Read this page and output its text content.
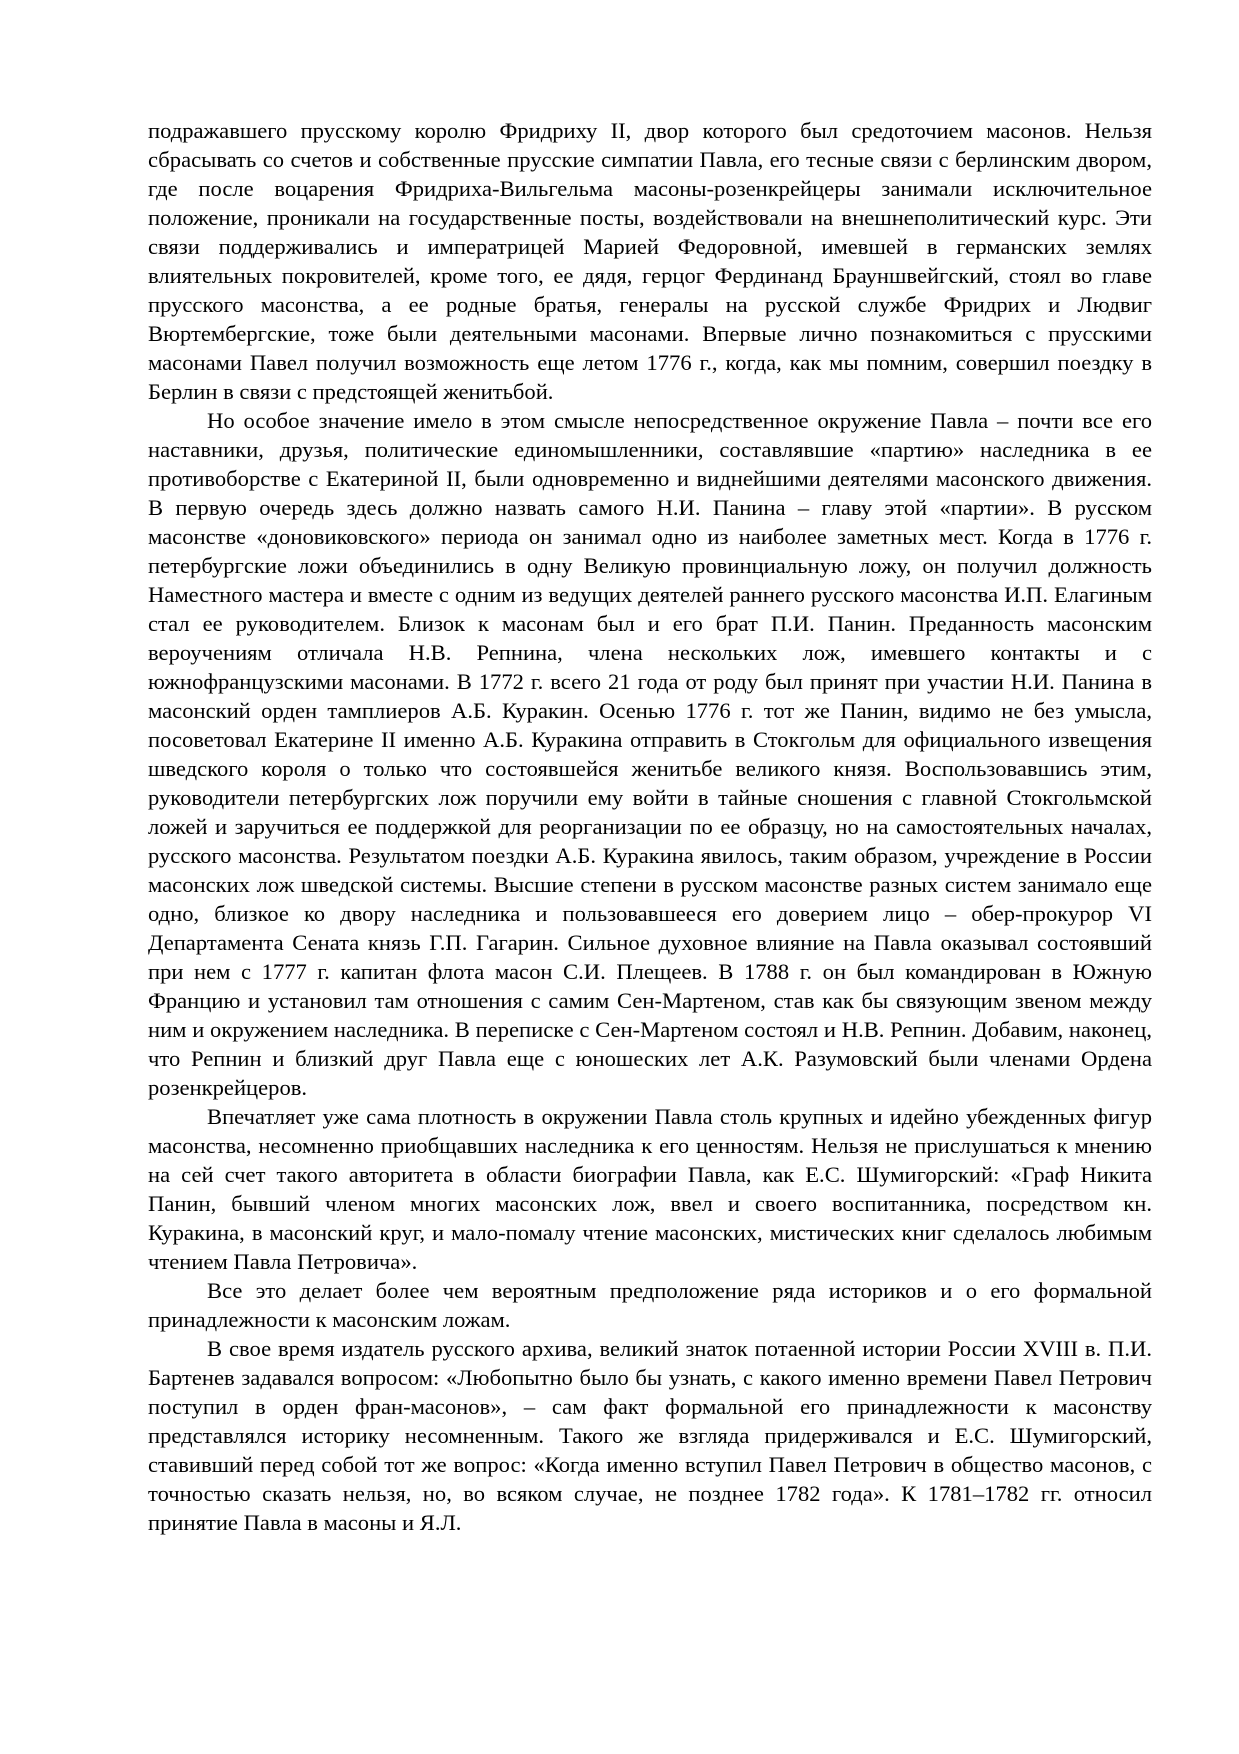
подражавшего прусскому королю Фридриху II, двор которого был средоточием масонов. Нельзя сбрасывать со счетов и собственные прусские симпатии Павла, его тесные связи с берлинским двором, где после воцарения Фридриха-Вильгельма масоны-розенкрейцеры занимали исключительное положение, проникали на государственные посты, воздействовали на внешнеполитический курс. Эти связи поддерживались и императрицей Марией Федоровной, имевшей в германских землях влиятельных покровителей, кроме того, ее дядя, герцог Фердинанд Брауншвейгский, стоял во главе прусского масонства, а ее родные братья, генералы на русской службе Фридрих и Людвиг Вюртембергские, тоже были деятельными масонами. Впервые лично познакомиться с прусскими масонами Павел получил возможность еще летом 1776 г., когда, как мы помним, совершил поездку в Берлин в связи с предстоящей женитьбой.

Но особое значение имело в этом смысле непосредственное окружение Павла – почти все его наставники, друзья, политические единомышленники, составлявшие «партию» наследника в ее противоборстве с Екатериной II, были одновременно и виднейшими деятелями масонского движения. В первую очередь здесь должно назвать самого Н.И. Панина – главу этой «партии». В русском масонстве «доновиковского» периода он занимал одно из наиболее заметных мест. Когда в 1776 г. петербургские ложи объединились в одну Великую провинциальную ложу, он получил должность Наместного мастера и вместе с одним из ведущих деятелей раннего русского масонства И.П. Елагиным стал ее руководителем. Близок к масонам был и его брат П.И. Панин. Преданность масонским вероучениям отличала Н.В. Репнина, члена нескольких лож, имевшего контакты и с южнофранцузскими масонами. В 1772 г. всего 21 года от роду был принят при участии Н.И. Панина в масонский орден тамплиеров А.Б. Куракин. Осенью 1776 г. тот же Панин, видимо не без умысла, посоветовал Екатерине II именно А.Б. Куракина отправить в Стокгольм для официального извещения шведского короля о только что состоявшейся женитьбе великого князя. Воспользовавшись этим, руководители петербургских лож поручили ему войти в тайные сношения с главной Стокгольмской ложей и заручиться ее поддержкой для реорганизации по ее образцу, но на самостоятельных началах, русского масонства. Результатом поездки А.Б. Куракина явилось, таким образом, учреждение в России масонских лож шведской системы. Высшие степени в русском масонстве разных систем занимало еще одно, близкое ко двору наследника и пользовавшееся его доверием лицо – обер-прокурор VI Департамента Сената князь Г.П. Гагарин. Сильное духовное влияние на Павла оказывал состоявший при нем с 1777 г. капитан флота масон С.И. Плещеев. В 1788 г. он был командирован в Южную Францию и установил там отношения с самим Сен-Мартеном, став как бы связующим звеном между ним и окружением наследника. В переписке с Сен-Мартеном состоял и Н.В. Репнин. Добавим, наконец, что Репнин и близкий друг Павла еще с юношеских лет А.К. Разумовский были членами Ордена розенкрейцеров.

Впечатляет уже сама плотность в окружении Павла столь крупных и идейно убежденных фигур масонства, несомненно приобщавших наследника к его ценностям. Нельзя не прислушаться к мнению на сей счет такого авторитета в области биографии Павла, как Е.С. Шумигорский: «Граф Никита Панин, бывший членом многих масонских лож, ввел и своего воспитанника, посредством кн. Куракина, в масонский круг, и мало-помалу чтение масонских, мистических книг сделалось любимым чтением Павла Петровича».

Все это делает более чем вероятным предположение ряда историков и о его формальной принадлежности к масонским ложам.

В свое время издатель русского архива, великий знаток потаенной истории России XVIII в. П.И. Бартенев задавался вопросом: «Любопытно было бы узнать, с какого именно времени Павел Петрович поступил в орден фран-масонов», – сам факт формальной его принадлежности к масонству представлялся историку несомненным. Такого же взгляда придерживался и Е.С. Шумигорский, ставивший перед собой тот же вопрос: «Когда именно вступил Павел Петрович в общество масонов, с точностью сказать нельзя, но, во всяком случае, не позднее 1782 года». К 1781–1782 гг. относил принятие Павла в масоны и Я.Л.
